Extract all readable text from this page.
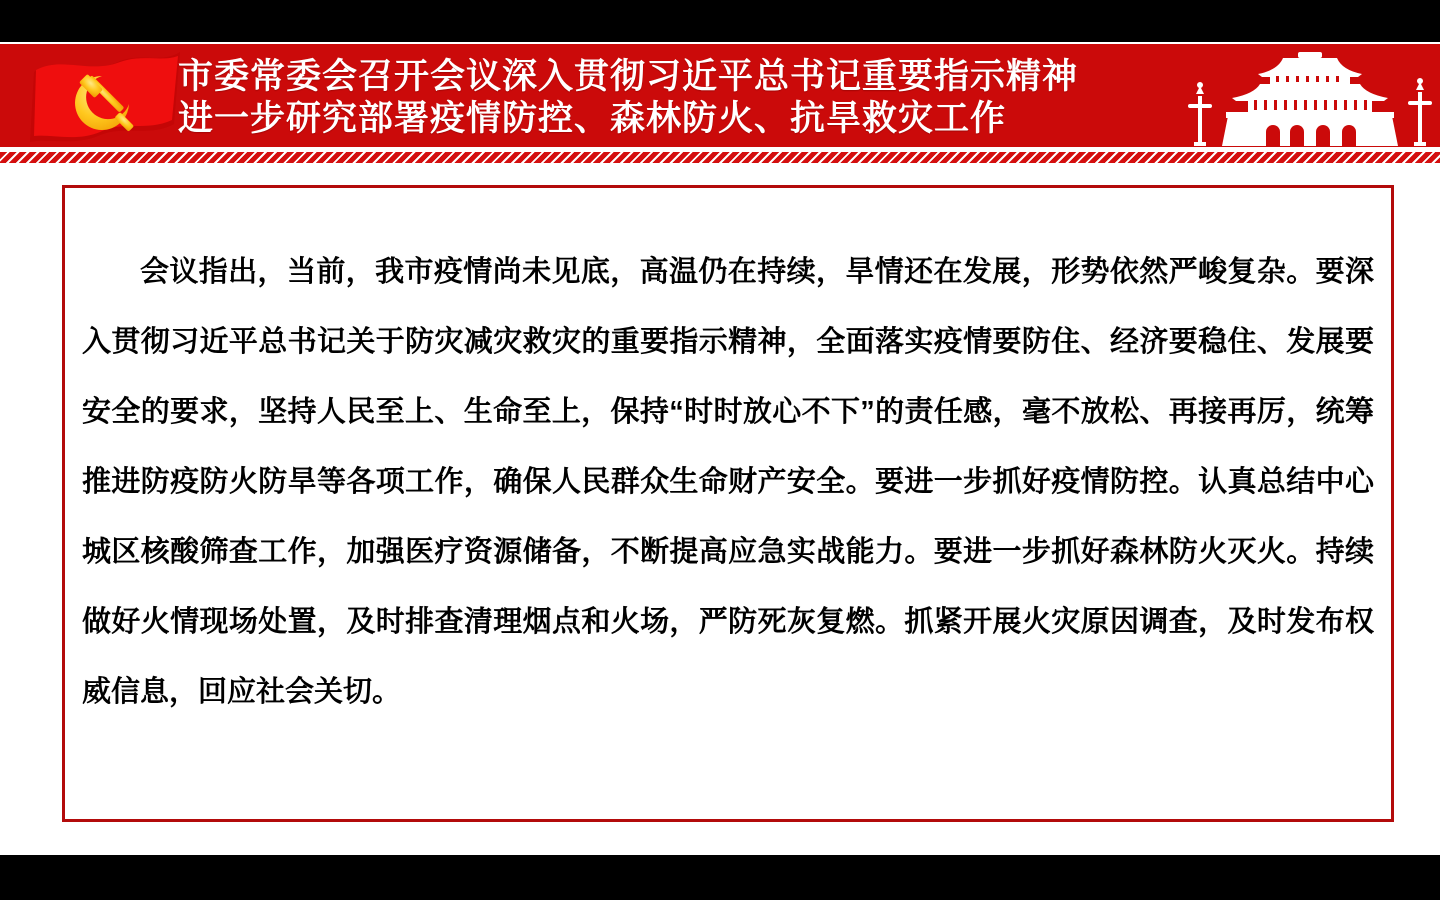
市委常委会召开会议深入贯彻习近平总书记重要指示精神
进一步研究部署疫情防控、森林防火、抗旱救灾工作

会议指出，当前，我市疫情尚未见底，高温仍在持续，旱情还在发展，形势依然严峻复杂。要深入贯彻习近平总书记关于防灾减灾救灾的重要指示精神，全面落实疫情要防住、经济要稳住、发展要安全的要求，坚持人民至上、生命至上，保持“时时放心不下”的责任感，毫不放松、再接再厉，统筹推进防疫防火防旱等各项工作，确保人民群众生命财产安全。要进一步抓好疫情防控。认真总结中心城区核酸筛查工作，加强医疗资源储备，不断提高应急实战能力。要进一步抓好森林防火灭火。持续做好火情现场处置，及时排查清理烟点和火场，严防死灰复燃。抓紧开展火灾原因调查，及时发布权威信息，回应社会关切。
